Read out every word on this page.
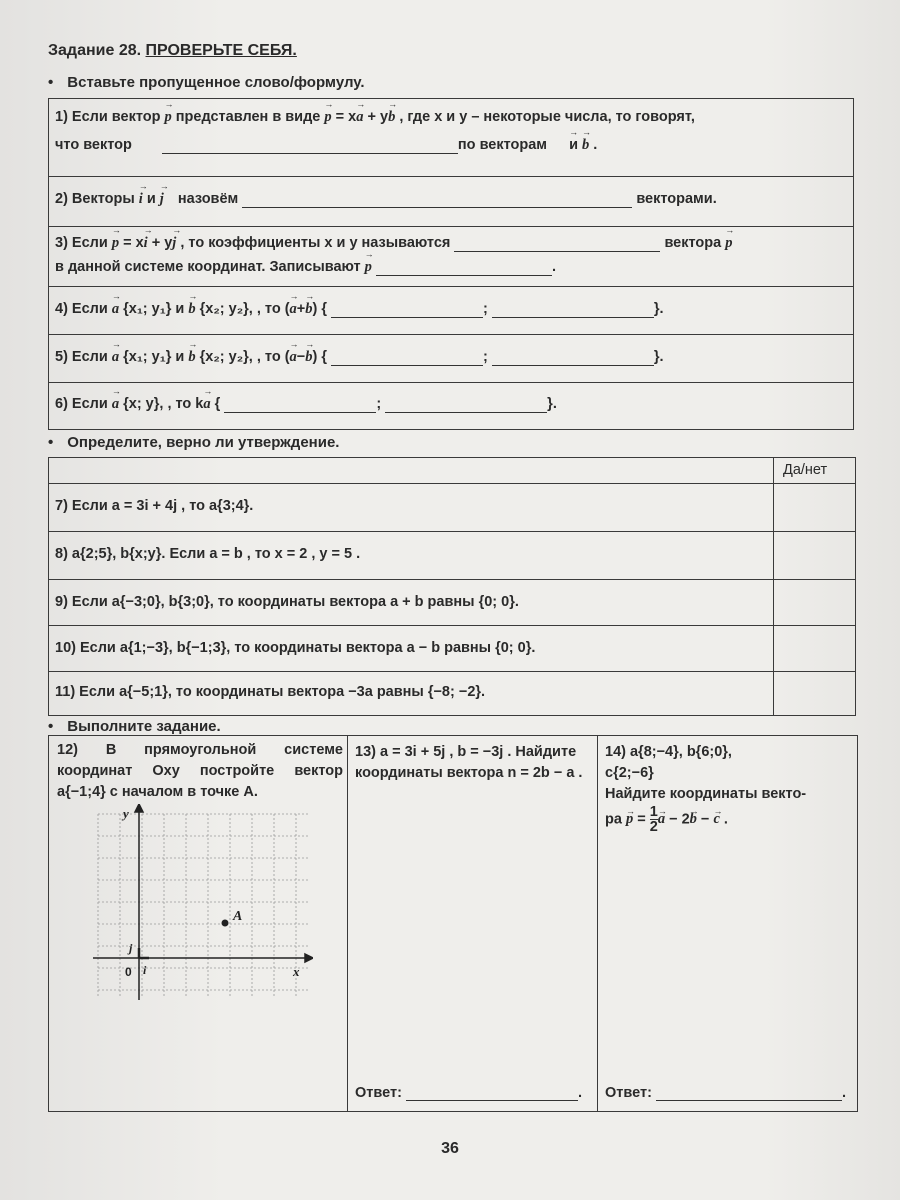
Задание 28. ПРОВЕРЬТЕ СЕБЯ.
• Вставьте пропущенное слово/формулу.
1) Если вектор → p представлен в виде → p = x→ a + y→ b , где x и y – некоторые числа, то говорят,
что вектор	по векторам и → b .
2) Векторы → i и → j назовём	векторами.
3) Если → p = x→ i + y→ j , то коэффициенты x и y называются	вектора → p
в данной системе координат. Записывают → p	.
4) Если → a {x₁; y₁} и → b {x₂; y₂}, , то (→ a+→ b) {	;	}.
5) Если → a {x₁; y₁} и → b {x₂; y₂}, , то (→ a−→ b) {	;	}.
6) Если → a {x; y}, , то k→ a {	;	}.
• Определите, верно ли утверждение.
Да/нет
7) Если a = 3i + 4j , то a{3;4}.
8) a{2;5}, b{x;y}. Если a = b , то x = 2 , y = 5 .
9) Если a{−3;0}, b{3;0}, то координаты вектора a + b равны {0; 0}.
10) Если a{1;−3}, b{−1;3}, то координаты вектора a − b равны {0; 0}.
11) Если a{−5;1}, то координаты вектора −3a равны {−8; −2}.
• Выполните задание.
12) В прямоугольной системе координат Oxy постройте вектор a{−1;4} с началом в точке A.
A
y
x
0
j
i
13) a = 3i + 5j , b = −3j . Найдите координаты вектора n = 2b − a .
14) a{8;−4}, b{6;0},
c{2;−6}
Найдите координаты векто-
ра → $p = \frac{1}{2}$
→ a − 2→ b − → c .
Ответ:	. Ответ:	.
36
